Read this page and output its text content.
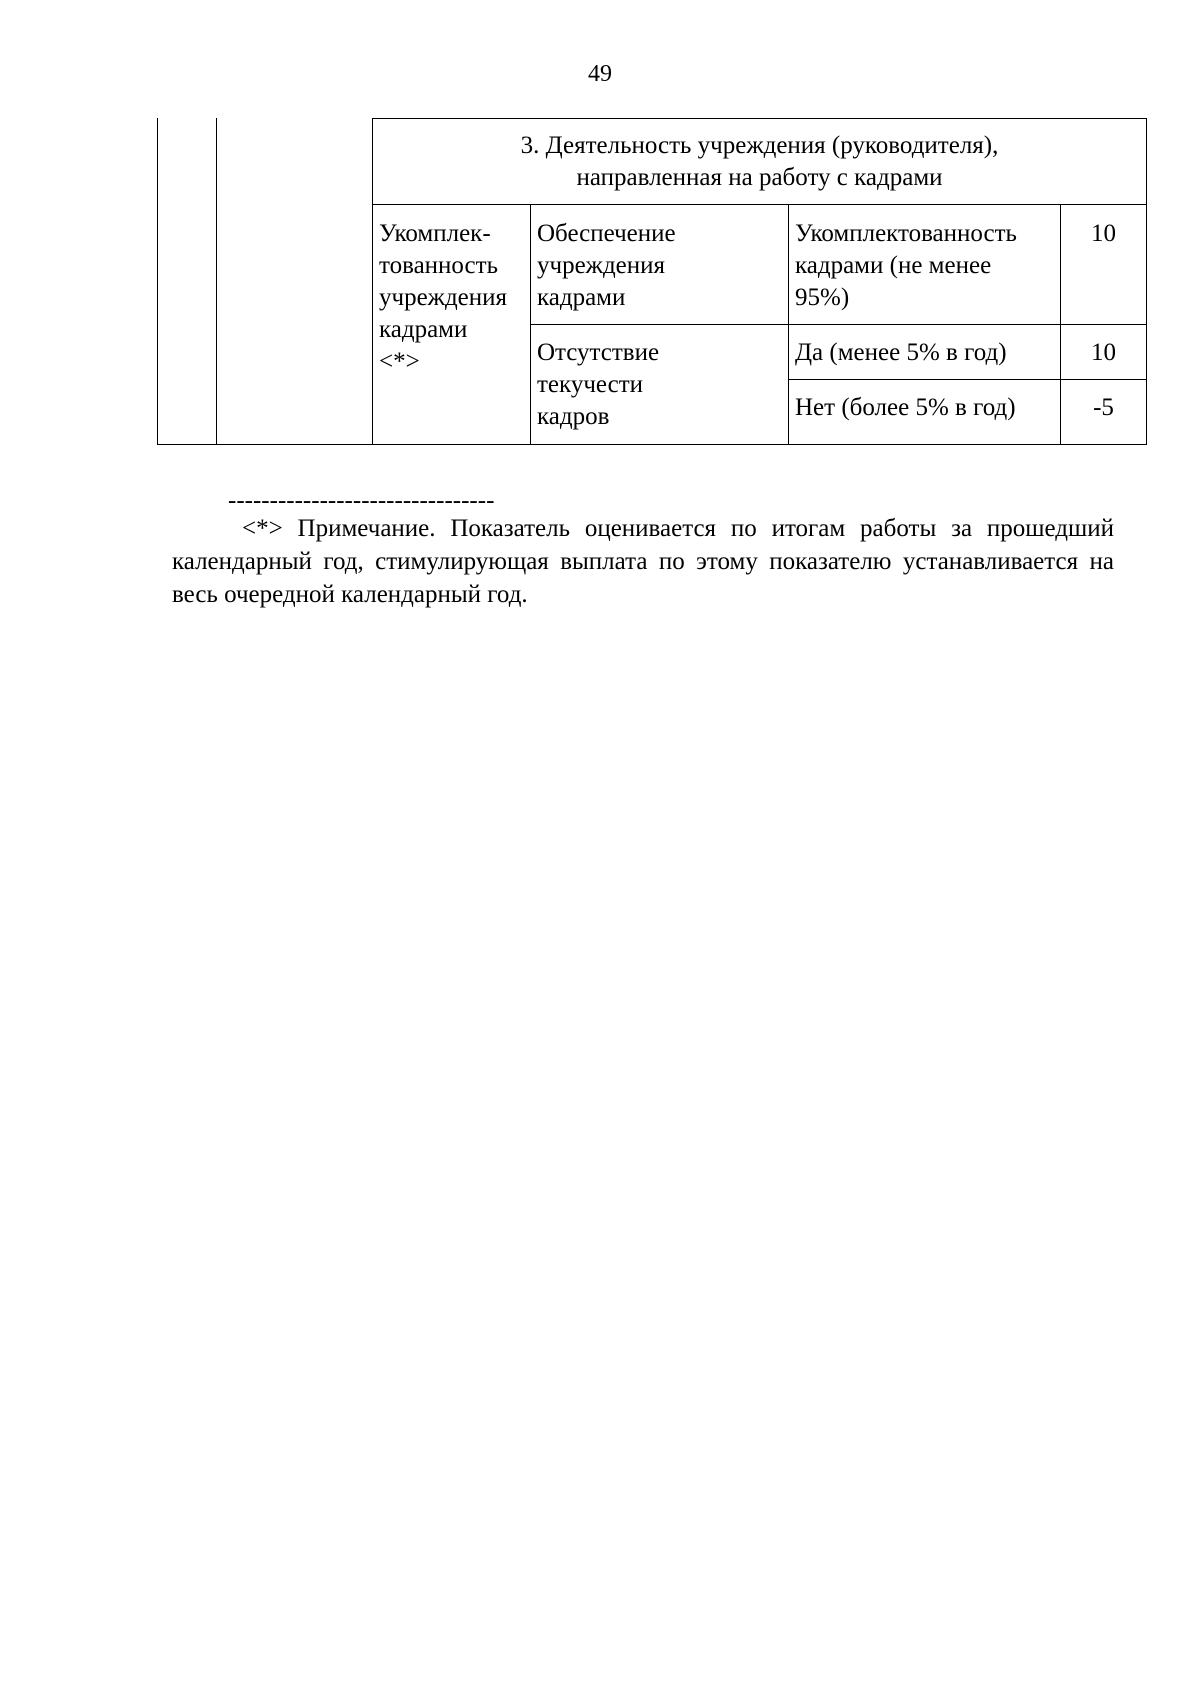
49
3. Деятельность учреждения (руководителя),
направленная на работу с кадрами
Укомплек-
тованность
учреждения
кадрами
<*>
Обеспечение
учреждения
кадрами
Укомплектованность
кадрами (не менее
95%)
10
Отсутствие
текучести
кадров
Да (менее 5% в год)	10
Нет (более 5% в год)	-5
--------------------------------
<*> Примечание. Показатель оценивается по итогам работы за прошедший календарный год, стимулирующая выплата по этому показателю устанавливается на весь очередной календарный год.
